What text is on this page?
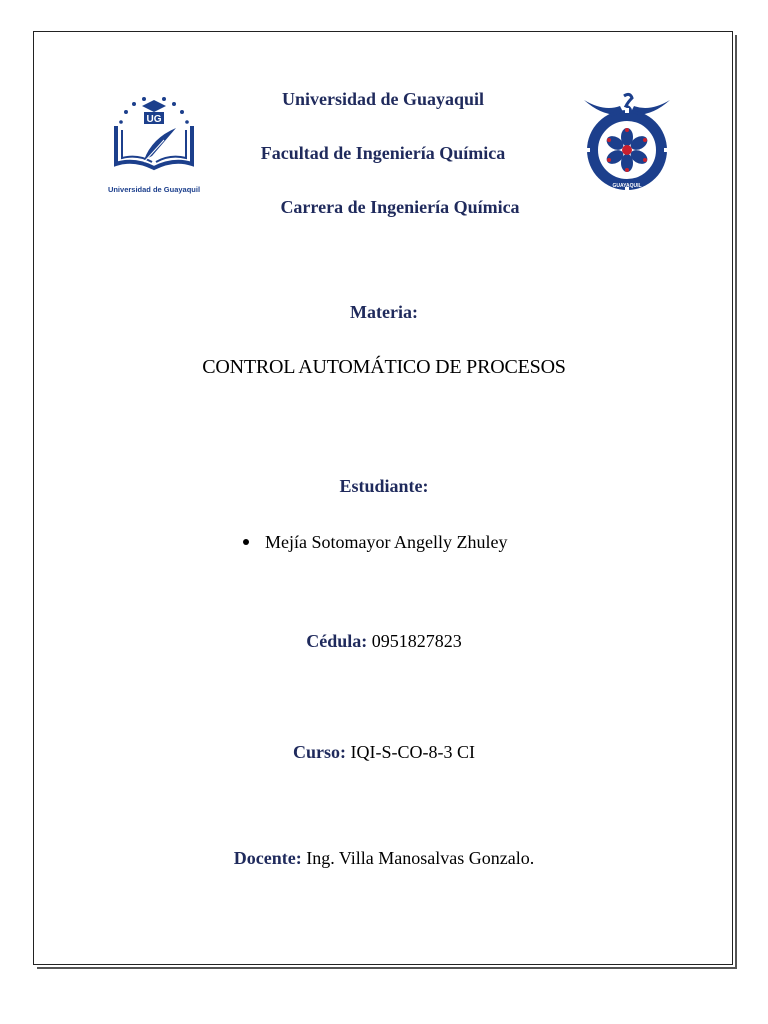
UG
Universidad de Guayaquil	GUAYAQUIL
Universidad de Guayaquil
Facultad de Ingeniería Química
Carrera de Ingeniería Química
Materia:
CONTROL AUTOMÁTICO DE PROCESOS
Estudiante:
Mejía Sotomayor Angelly Zhuley
Cédula: 0951827823
Curso: IQI-S-CO-8-3 CI
Docente: Ing. Villa Manosalvas Gonzalo.
